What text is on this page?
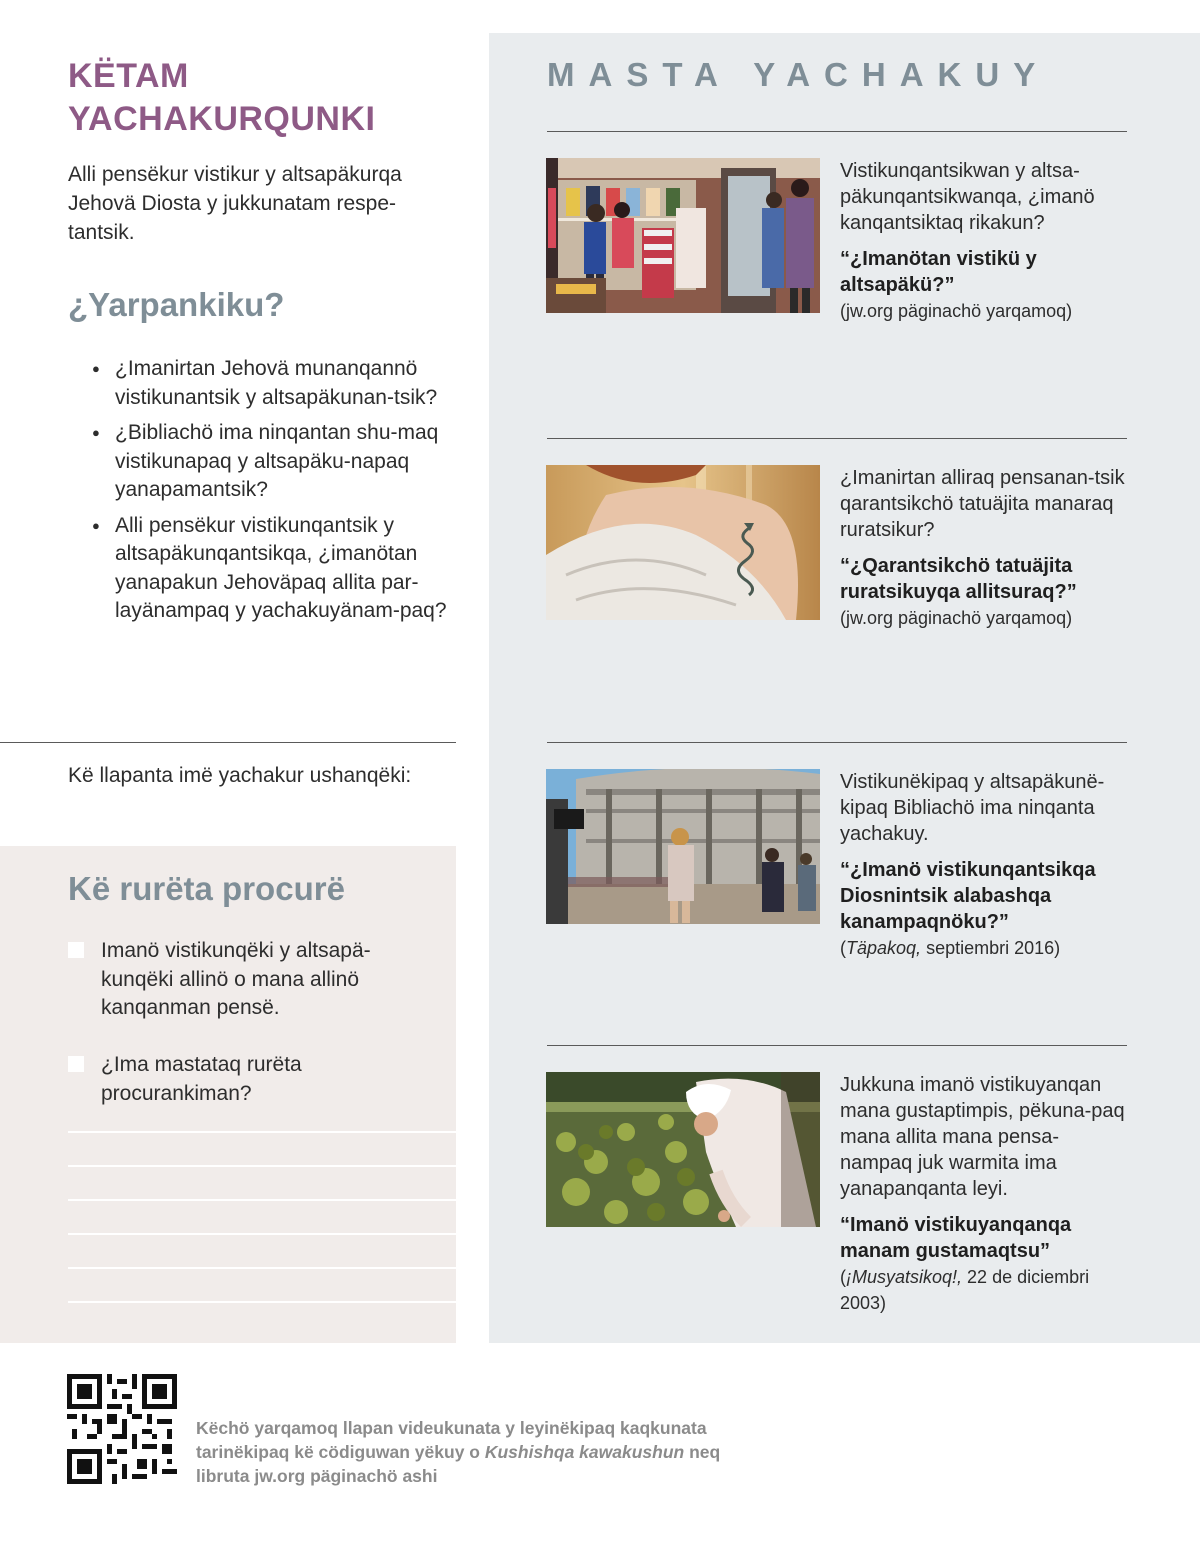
MASTA YACHAKUY
Vistikunqantsikwan y altsa-päkunqantsikwanqa, ¿imanö kanqantsiktaq rikakun?
“¿Imanötan vistikü y altsapäkü?”
(jw.org päginachö yarqamoq)
¿Imanirtan alliraq pensanan-tsik qarantsikchö tatuäjita manaraq ruratsikur?
“¿Qarantsikchö tatuäjita ruratsikuyqa allitsuraq?”
(jw.org päginachö yarqamoq)
Vistikunëkipaq y altsapäkunë-kipaq Bibliachö ima ninqanta yachakuy.
“¿Imanö vistikunqantsikqa Diosnintsik alabashqa kanampaqnöku?”
(Täpakoq, septiembri 2016)
Jukkuna imanö vistikuyanqan mana gustaptimpis, pëkuna-paq mana allita mana pensa-nampaq juk warmita ima yanapanqanta leyi.
“Imanö vistikuyanqanqa manam gustamaqtsu”
(¡Musyatsikoq!, 22 de diciembri 2003)
KËTAM
YACHAKURQUNKI
Alli pensëkur vistikur y altsapäkurqa Jehovä Diosta y jukkunatam respe-tantsik.
¿Yarpankiku?
● ¿Imanirtan Jehovä munanqannö vistikunantsik y altsapäkunan-tsik?
● ¿Bibliachö ima ninqantan shu-maq vistikunapaq y altsapäku-napaq yanapamantsik?
● Alli pensëkur vistikunqantsik y altsapäkunqantsikqa, ¿imanötan yanapakun Jehoväpaq allita par-layänampaq y yachakuyänam-paq?
Kë llapanta imë yachakur ushanqëki:
Kë rurëta procurë
Imanö vistikunqëki y altsapä-kunqëki allinö o mana allinö kanqanman pensë.
¿Ima mastataq rurëta procurankiman?
Këchö yarqamoq llapan videukunata y leyinëkipaq kaqkunata tarinëkipaq kë cödiguwan yëkuy o Kushishqa kawakushun neq libruta jw.org päginachö ashi
